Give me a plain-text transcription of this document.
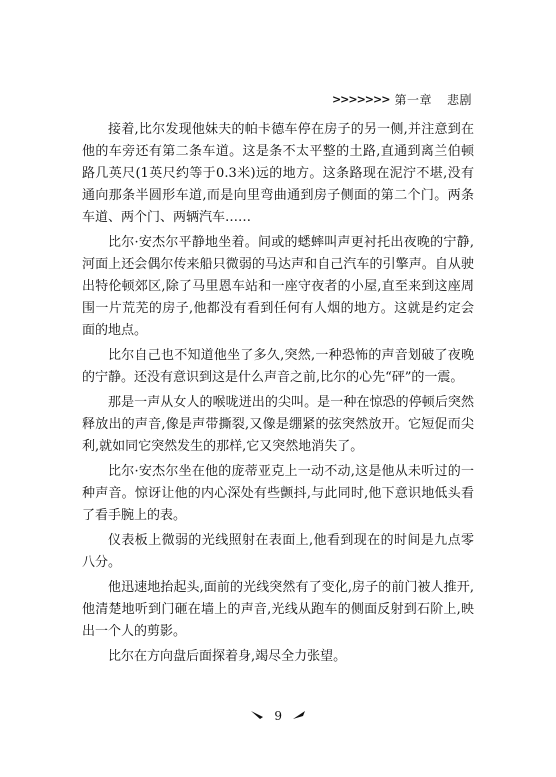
>>>>>>> 第一章 悲剧

接着,比尔发现他妹夫的帕卡德车停在房子的另一侧,并注意到在他的车旁还有第二条车道。这是条不太平整的土路,直通到离兰伯顿路几英尺(1英尺约等于0.3米)远的地方。这条路现在泥泞不堪,没有通向那条半圆形车道,而是向里弯曲通到房子侧面的第二个门。两条车道、两个门、两辆汽车……

比尔·安杰尔平静地坐着。间或的蟋蟀叫声更衬托出夜晚的宁静,河面上还会偶尔传来船只微弱的马达声和自己汽车的引擎声。自从驶出特伦顿郊区,除了马里恩车站和一座守夜者的小屋,直至来到这座周围一片荒芜的房子,他都没有看到任何有人烟的地方。这就是约定会面的地点。

比尔自己也不知道他坐了多久,突然,一种恐怖的声音划破了夜晚的宁静。还没有意识到这是什么声音之前,比尔的心先“砰”的一震。

那是一声从女人的喉咙迸出的尖叫。是一种在惊恐的停顿后突然释放出的声音,像是声带撕裂,又像是绷紧的弦突然放开。它短促而尖利,就如同它突然发生的那样,它又突然地消失了。

比尔·安杰尔坐在他的庞蒂亚克上一动不动,这是他从未听过的一种声音。惊讶让他的内心深处有些颤抖,与此同时,他下意识地低头看了看手腕上的表。

仪表板上微弱的光线照射在表面上,他看到现在的时间是九点零八分。

他迅速地抬起头,面前的光线突然有了变化,房子的前门被人推开,他清楚地听到门砸在墙上的声音,光线从跑车的侧面反射到石阶上,映出一个人的剪影。

比尔在方向盘后面探着身,竭尽全力张望。

9
